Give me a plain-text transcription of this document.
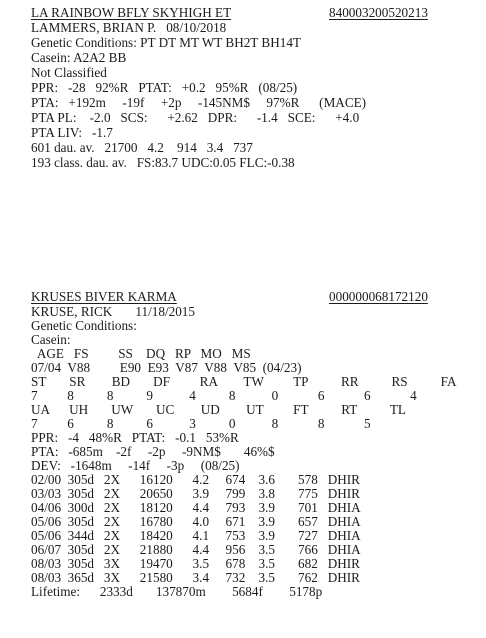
LA RAINBOW BFLY SKYHIGH ET	840003200520213
LAMMERS, BRIAN P.   08/10/2018
Genetic Conditions: PT DT MT WT BH2T BH14T
Casein: A2A2 BB
Not Classified
PPR:   -28   92%R   PTAT:   +0.2   95%R   (08/25)
PTA:   +192m     -19f     +2p     -145NM$     97%R      (MACE)
PTA PL:    -2.0   SCS:      +2.62   DPR:      -1.4   SCE:      +4.0
PTA LIV:   -1.7
601 dau. av.   21700   4.2    914   3.4   737
193 class. dau. av.   FS:83.7 UDC:0.05 FLC:-0.38
KRUSES BIVER KARMA	000000068172120
KRUSE, RICK       11/18/2015
Genetic Conditions:
Casein:
AGE   FS         SS    DQ   RP   MO   MS
07/04  V88         E90  E93  V87  V88  V85  (04/23)
ST       SR        BD       DF         RA        TW         TP          RR          RS          FA
7         8          8          9           4          8           0            6            6            4
UA      UH       UW       UC        UD        UT         FT          RT          TL
7         6          8          6           3          0           8            8            5
PPR:   -4   48%R   PTAT:   -0.1   53%R
PTA:   -685m    -2f     -2p     -9NM$       46%$
DEV:   -1648m     -14f     -3p     (08/25)
02/00  305d   2X      16120      4.2     674    3.6       578   DHIR
03/03  305d   2X      20650      3.9     799    3.8       775   DHIR
04/06  300d   2X      18120      4.4     793    3.9       701   DHIA
05/06  305d   2X      16780      4.0     671    3.9       657   DHIA
05/06  344d   2X      18420      4.1     753    3.9       727   DHIA
06/07  305d   2X      21880      4.4     956    3.5       766   DHIA
08/03  305d   3X      19470      3.5     678    3.5       682   DHIR
08/03  365d   3X      21580      3.4     732    3.5       762   DHIR
Lifetime:      2333d       137870m        5684f        5178p
